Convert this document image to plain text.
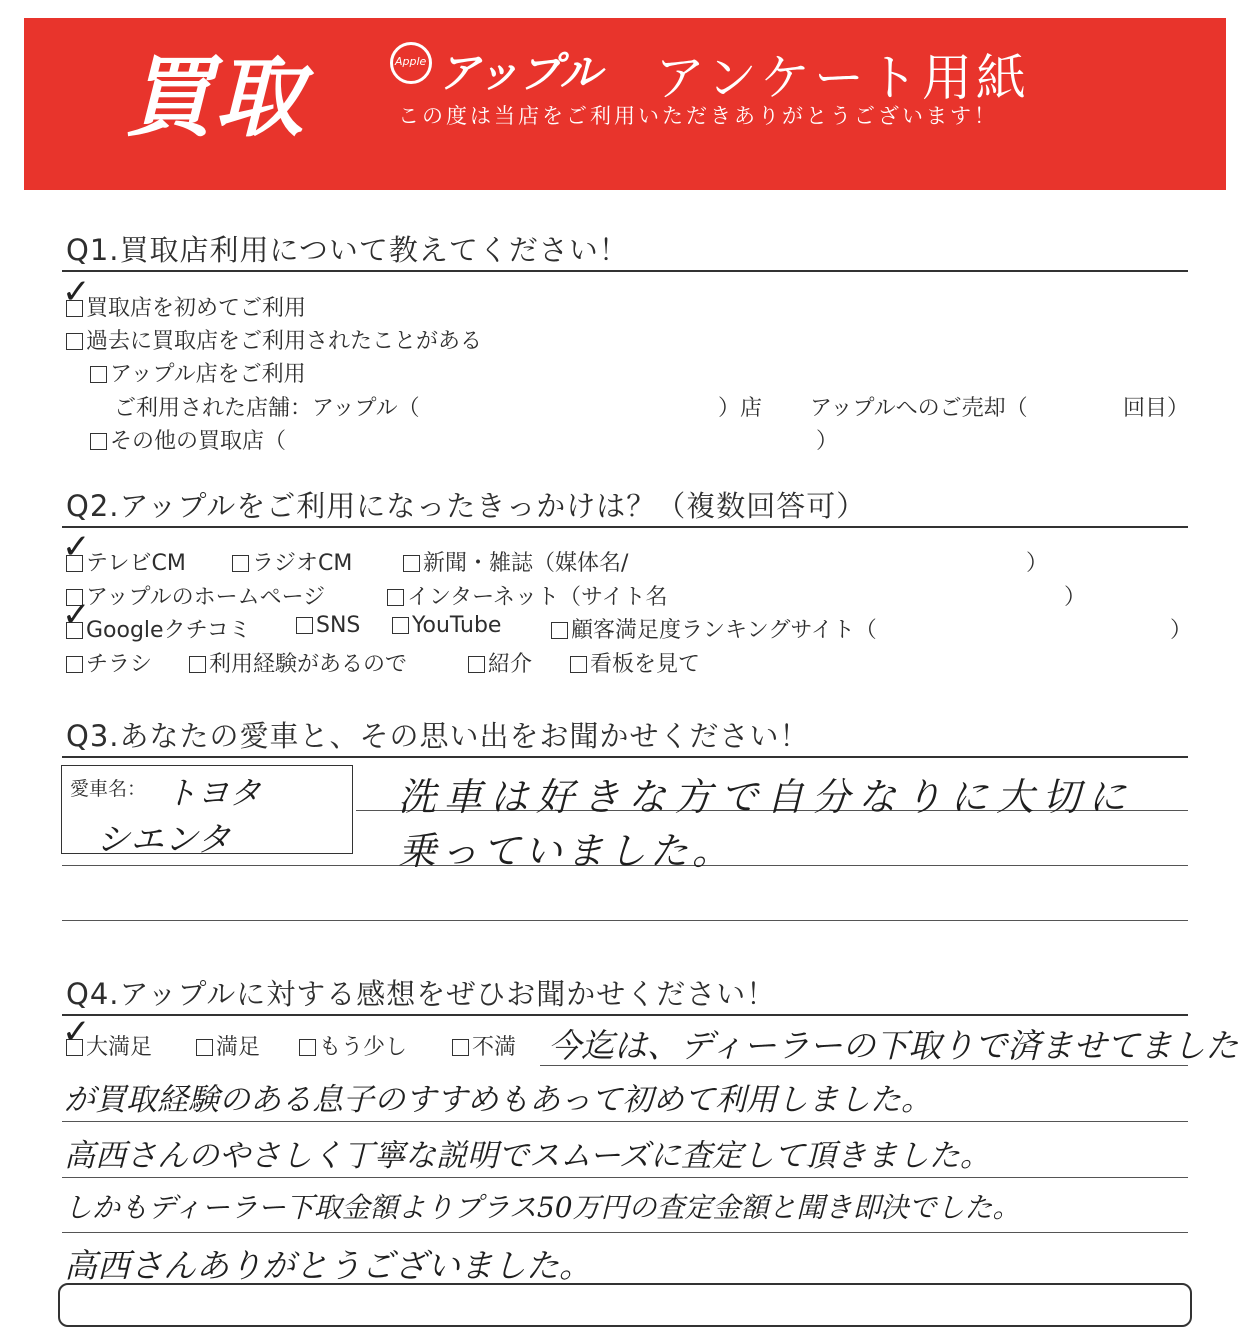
買取	Apple アップル アンケート用紙
この度は当店をご利用いただきありがとうございます！
Q1.買取店利用について教えてください！
買取店を初めてご利用
✓
過去に買取店をご利用されたことがある
アップル店をご利用
ご利用された店舗：アップル（	）店 アップルへのご売却（	回目）
その他の買取店（	）
Q2.アップルをご利用になったきっかけは？（複数回答可）
テレビCM
✓	ラジオCM	新聞・雑誌（媒体名/	）
アップルのホームページ	インターネット（サイト名	）
Googleクチコミ
✓	SNS	YouTube	顧客満足度ランキングサイト（	）
チラシ	利用経験があるので	紹介	看板を見て
Q3.あなたの愛車と、その思い出をお聞かせください！
愛車名： トヨタ
シエンタ
洗車は好きな方で自分なりに大切に
乗っていました。
Q4.アップルに対する感想をぜひお聞かせください！
大満足
✓	満足	もう少し	不満 今迄は、ディーラーの下取りで済ませてました
が買取経験のある息子のすすめもあって初めて利用しました。
高西さんのやさしく丁寧な説明でスムーズに査定して頂きました。
しかもディーラー下取金額よりプラス50万円の査定金額と聞き即決でした。
高西さんありがとうございました。
